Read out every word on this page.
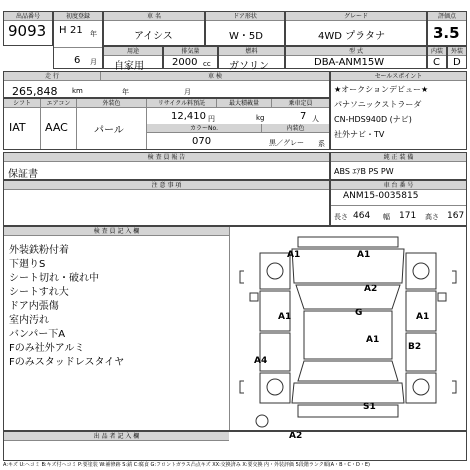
出品番号
9093
初度登録
H 21 年
6 月
車 名
アイシス
ドア形状
W・5D
グレード
4WD プラタナ
評価点
3.5
用途
自家用
排気量
2000 cc
燃料
ガソリン
型 式
DBA-ANM15W
内装
C
外装
D
走 行	車 検
265,848 km	年	月
シフト	エアコン	外装色	リサイクル料預託	最大積載量	乗車定員
IAT AAC	パール
12,410 円	kg	7 人
カラーNo.	内装色
070	黒／グレー 系
セールスポイント
★オークションデビュー★
パナソニックストラーダ
CN-HDS940D (ナビ)
社外ナビ・TV
検 査 員 報 告
保証書
純 正 装 備
ABS ｴｱB PS PW
注 意 事 項	車 台 番 号
ANM15-0035815
長さ 464 幅 171 高さ 167
検 査 員 記 入 欄
外装鉄粉付着
下廻りS
シート切れ・破れ中
シートすれ大
ドア内張傷
室内汚れ
バンパー下A
Fのみ社外アルミ
Fのみスタッドレスタイヤ
A1	A1
A2
A1	G	A1
A1
B2
A4
S1
A2
出 品 者 記 入 欄
A:キズ U:ヘコミ B:キズ付ヘコミ P:要塗装 W:補修跡 S:錆 C:腐食 G:フロントガラス凸点キズ XX:交換済み X:要交換 内・外装評価 5段階ランク順(A・B・C・D・E)
